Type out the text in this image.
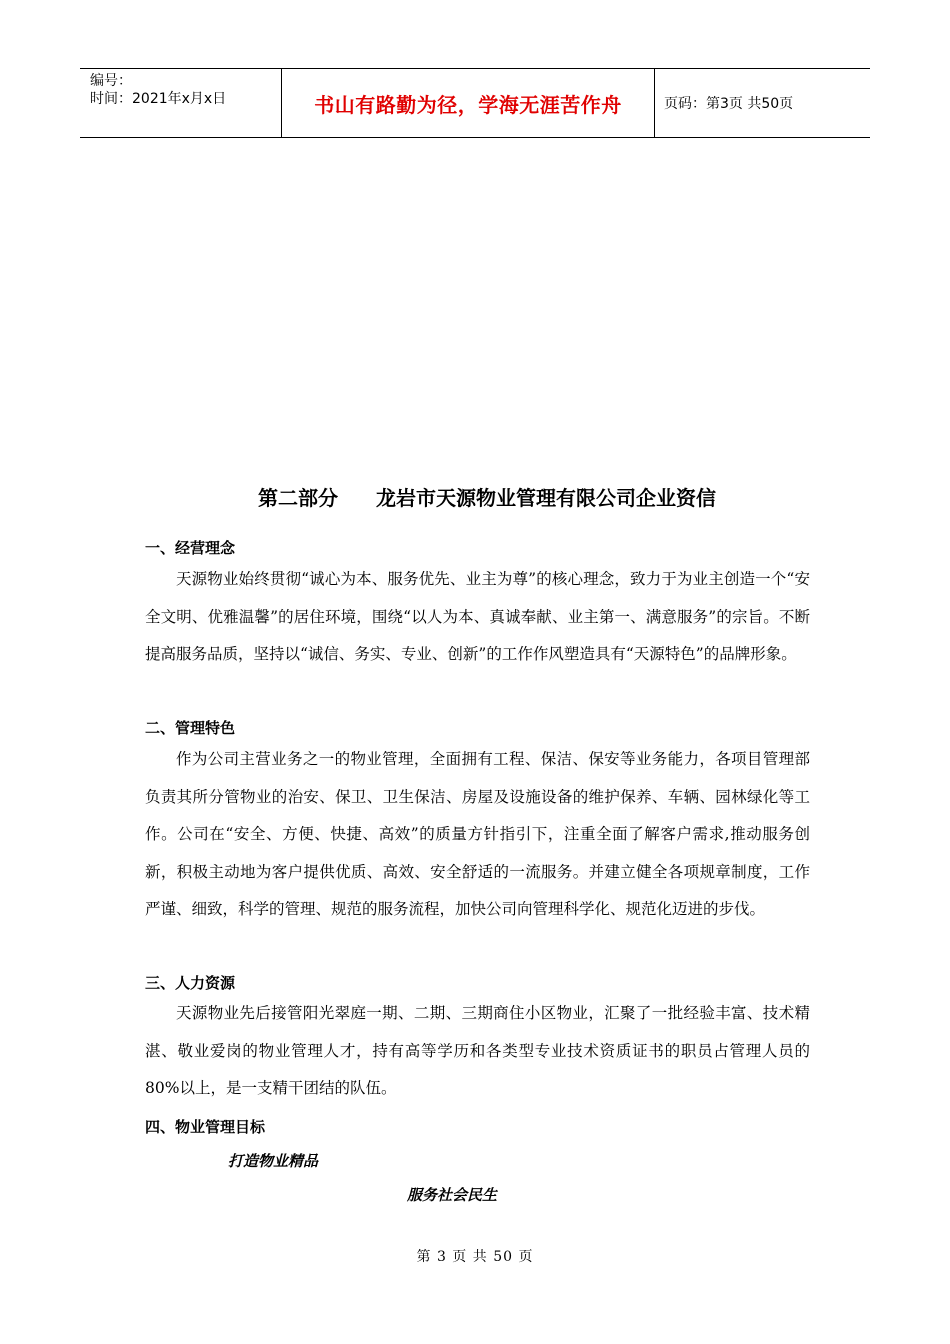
编号：
时间：2021年x月x日	书山有路勤为径，学海无涯苦作舟	页码：第3页 共50页
第二部分 龙岩市天源物业管理有限公司企业资信
一、经营理念

天源物业始终贯彻“诚心为本、服务优先、业主为尊”的核心理念，致力于为业主创造一个“安全文明、优雅温馨”的居住环境，围绕“以人为本、真诚奉献、业主第一、满意服务”的宗旨。不断提高服务品质，坚持以“诚信、务实、专业、创新”的工作作风塑造具有“天源特色”的品牌形象。

二、管理特色

作为公司主营业务之一的物业管理，全面拥有工程、保洁、保安等业务能力，各项目管理部负责其所分管物业的治安、保卫、卫生保洁、房屋及设施设备的维护保养、车辆、园林绿化等工作。公司在“安全、方便、快捷、高效”的质量方针指引下，注重全面了解客户需求,推动服务创新，积极主动地为客户提供优质、高效、安全舒适的一流服务。并建立健全各项规章制度，工作严谨、细致，科学的管理、规范的服务流程，加快公司向管理科学化、规范化迈进的步伐。

三、人力资源

天源物业先后接管阳光翠庭一期、二期、三期商住小区物业，汇聚了一批经验丰富、技术精湛、敬业爱岗的物业管理人才，持有高等学历和各类型专业技术资质证书的职员占管理人员的80%以上，是一支精干团结的队伍。

四、物业管理目标
打造物业精品
服务社会民生
第 3 页 共 50 页
